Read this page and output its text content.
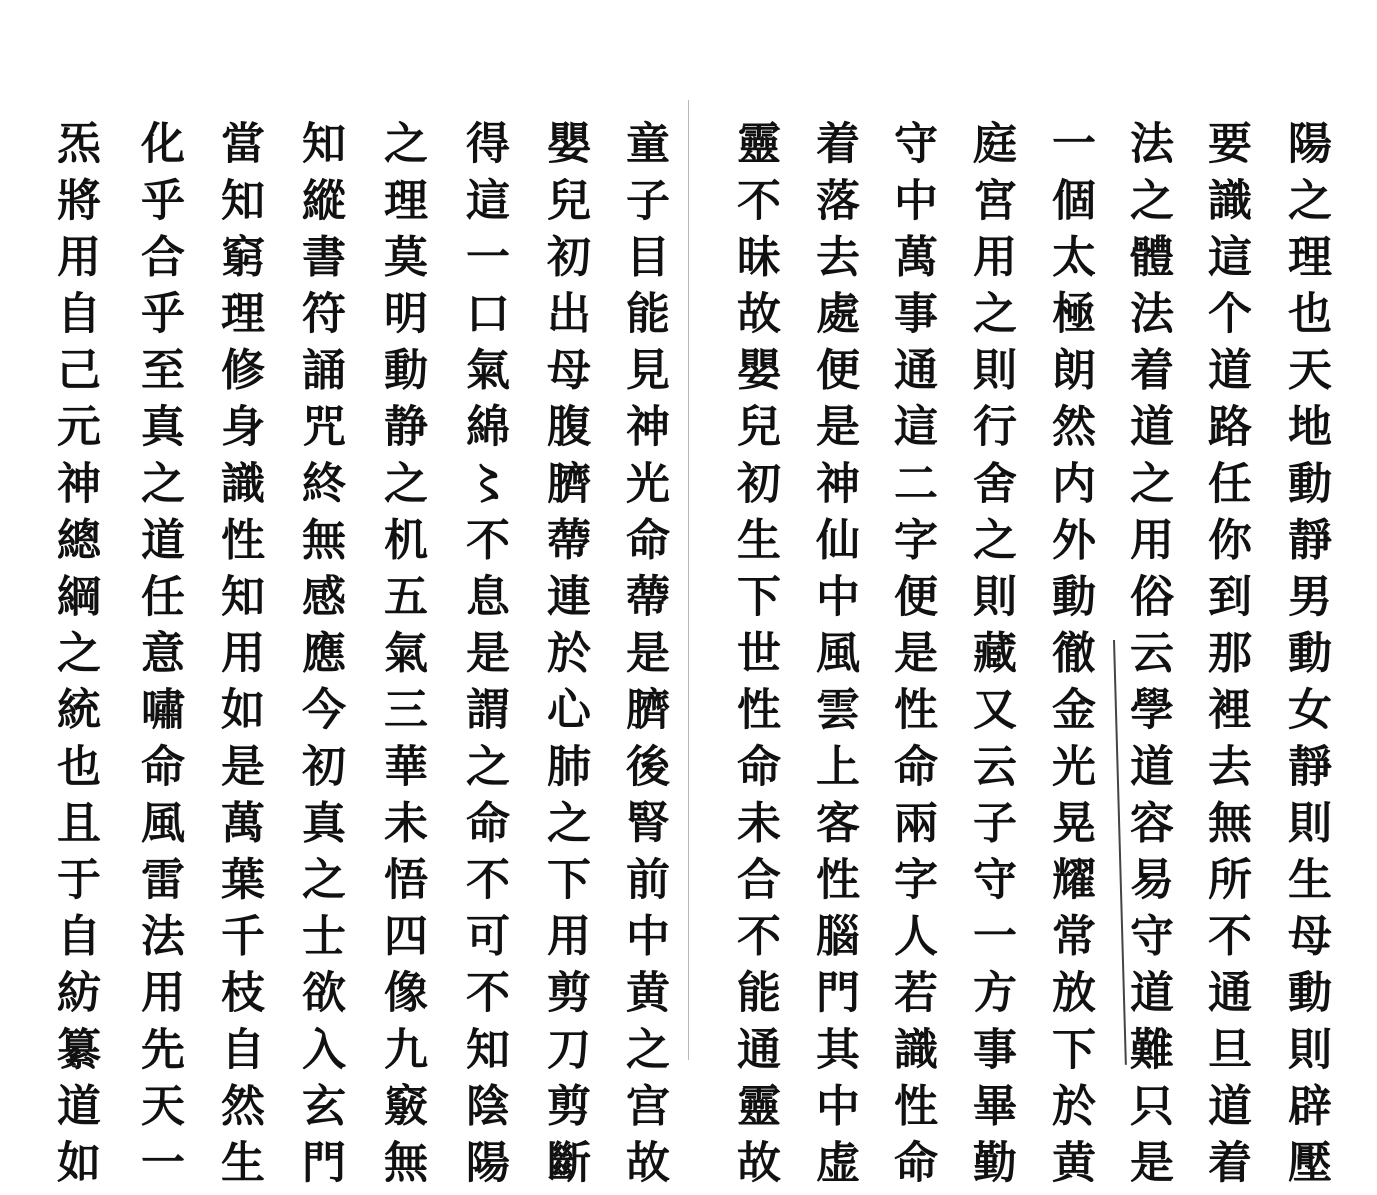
陽之理也天地動靜男動女靜則生母動則辟壓
要識這个道路任你到那裡去無所不通旦道着
法之體法着道之用俗云學道容易守道難只是
一個太極朗然内外動徹金光晃耀常放下於黄
庭宮用之則行舍之則藏又云子守一方事畢勤
守中萬事通這二字便是性命兩字人若識性命
着落去處便是神仙中風雲上客性腦門其中虚
靈不昧故嬰兒初生下世性命未合不能通靈故
童子目能見神光命蔕是臍後腎前中黄之宫故
嬰兒初出母腹臍蔕連於心肺之下用剪刀剪斷
得這一口氣綿〻不息是謂之命不可不知陰陽
之理莫明動静之机五氣三華未悟四像九竅無
知縱書符誦咒終無感應今初真之士欲入玄門
當知窮理修身識性知用如是萬葉千枝自然生
化乎合乎至真之道任意嘯命風雷法用先天一
炁將用自己元神總綱之統也且于自紡纂道如
